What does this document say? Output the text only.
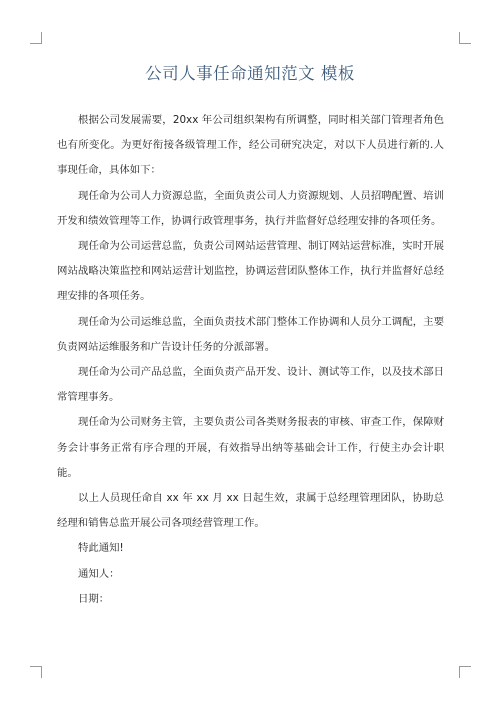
公司人事任命通知范文 模板

根据公司发展需要，20xx 年公司组织架构有所调整，同时相关部门管理者角色也有所变化。为更好衔接各级管理工作，经公司研究决定，对以下人员进行新的.人事现任命，具体如下：

现任命为公司人力资源总监，全面负责公司人力资源规划、人员招聘配置、培训开发和绩效管理等工作，协调行政管理事务，执行并监督好总经理安排的各项任务。

现任命为公司运营总监，负责公司网站运营管理、制订网站运营标准，实时开展网站战略决策监控和网站运营计划监控，协调运营团队整体工作，执行并监督好总经理安排的各项任务。

现任命为公司运维总监，全面负责技术部门整体工作协调和人员分工调配，主要负责网站运维服务和广告设计任务的分派部署。

现任命为公司产品总监，全面负责产品开发、设计、测试等工作，以及技术部日常管理事务。

现任命为公司财务主管，主要负责公司各类财务报表的审核、审查工作，保障财务会计事务正常有序合理的开展，有效指导出纳等基础会计工作，行使主办会计职能。

以上人员现任命自 xx 年 xx 月 xx 日起生效，隶属于总经理管理团队，协助总经理和销售总监开展公司各项经营管理工作。

特此通知!

通知人：

日期：
